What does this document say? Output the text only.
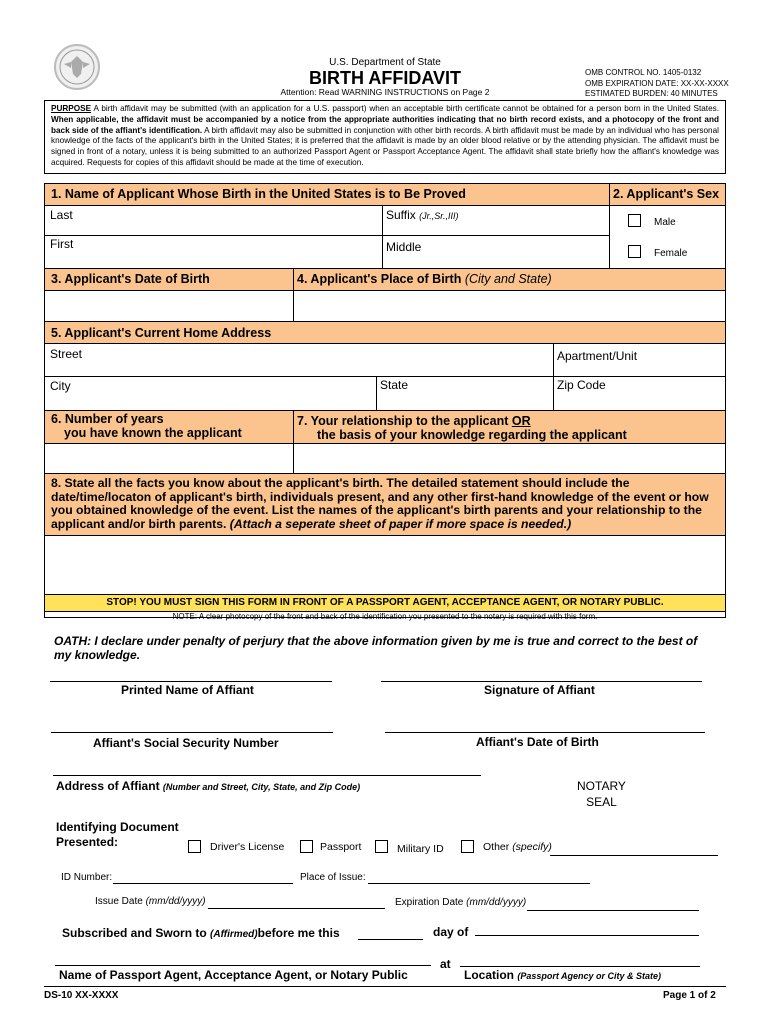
U.S. Department of State
BIRTH AFFIDAVIT
Attention: Read WARNING INSTRUCTIONS on Page 2
OMB CONTROL NO. 1405-0132
OMB EXPIRATION DATE: XX-XX-XXXX
ESTIMATED BURDEN: 40 MINUTES
PURPOSE A birth affidavit may be submitted (with an application for a U.S. passport) when an acceptable birth certificate cannot be obtained for a person born in the United States. When applicable, the affidavit must be accompanied by a notice from the appropriate authorities indicating that no birth record exists, and a photocopy of the front and back side of the affiant's identification. A birth affidavit may also be submitted in conjunction with other birth records. A birth affidavit must be made by an individual who has personal knowledge of the facts of the applicant's birth in the United States; it is preferred that the affidavit is made by an older blood relative or by the attending physician. The affidavit must be signed in front of a notary, unless it is being submitted to an authorized Passport Agent or Passport Acceptance Agent. The affidavit shall state briefly how the affiant's knowledge was acquired. Requests for copies of this affidavit should be made at the time of execution.
1. Name of Applicant Whose Birth in the United States is to Be Proved	2. Applicant's Sex
Last	Suffix (Jr.,Sr.,III)
First	Middle
Male
Female
3. Applicant's Date of Birth	4. Applicant's Place of Birth (City and State)
5. Applicant's Current Home Address
Street	Apartment/Unit
City	State	Zip Code
6. Number of years
you have known the applicant
7. Your relationship to the applicant OR
the basis of your knowledge regarding the applicant
8. State all the facts you know about the applicant's birth. The detailed statement should include the date/time/locaton of applicant's birth, individuals present, and any other first-hand knowledge of the event or how you obtained knowledge of the event. List the names of the applicant's birth parents and your relationship to the applicant and/or birth parents. (Attach a seperate sheet of paper if more space is needed.)
STOP! YOU MUST SIGN THIS FORM IN FRONT OF A PASSPORT AGENT, ACCEPTANCE AGENT, OR NOTARY PUBLIC.
NOTE: A clear photocopy of the front and back of the identification you presented to the notary is required with this form.
OATH: I declare under penalty of perjury that the above information given by me is true and correct to the best of my knowledge.
Printed Name of Affiant	Signature of Affiant
Affiant's Social Security Number	Affiant's Date of Birth
Address of Affiant (Number and Street, City, State, and Zip Code)	NOTARY
SEAL
Identifying Document
Presented:	Driver's License	Passport	Military ID	Other (specify)
ID Number:	Place of Issue:
Issue Date (mm/dd/yyyy)	Expiration Date (mm/dd/yyyy)
Subscribed and Sworn to (Affirmed)before me this	day of
at
Name of Passport Agent, Acceptance Agent, or Notary Public	Location (Passport Agency or City & State)
DS-10 XX-XXXX	Page 1 of 2
